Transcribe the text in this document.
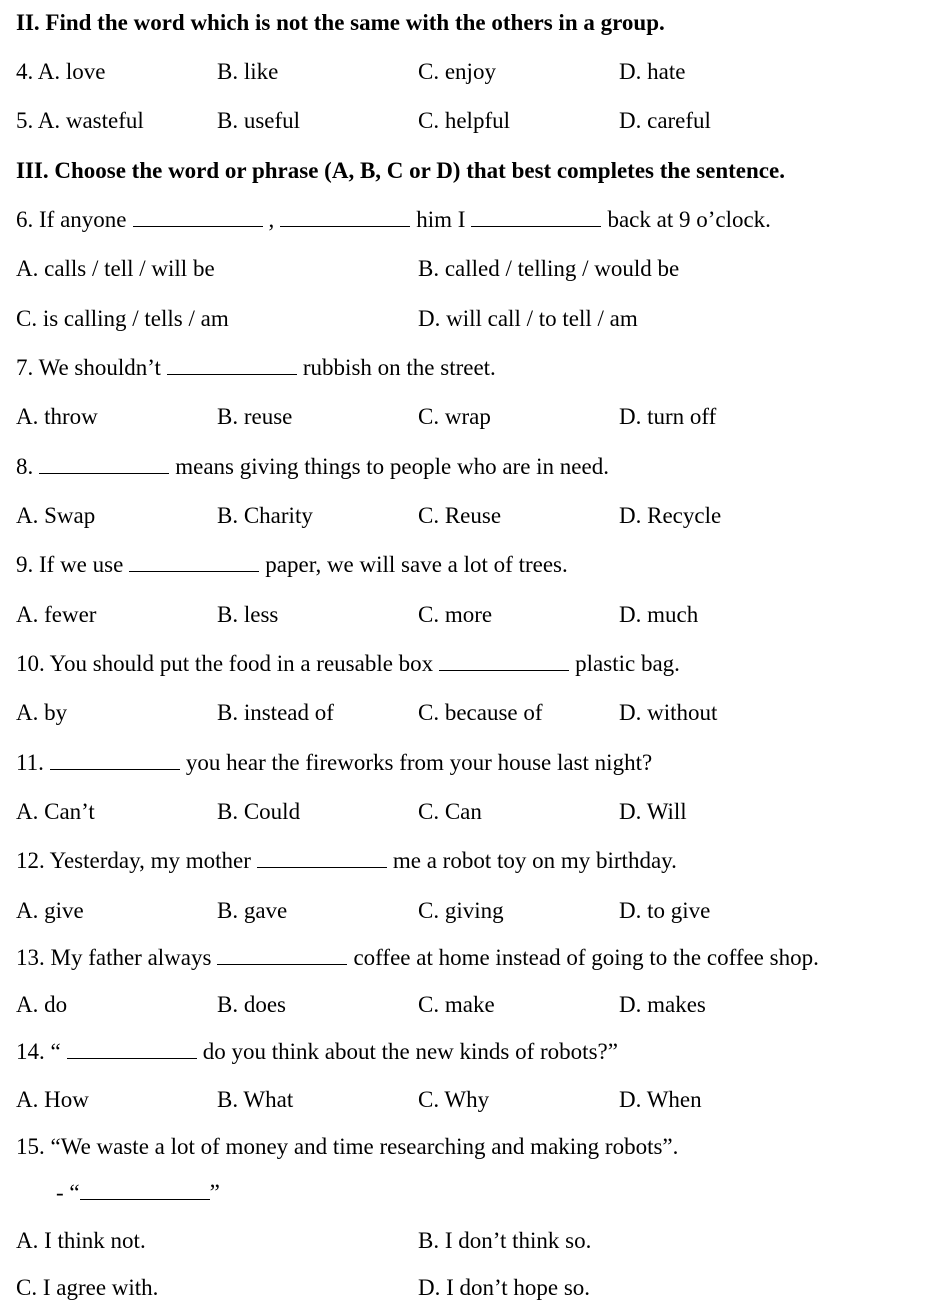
II. Find the word which is not the same with the others in a group.
4. A. love	B. like	C. enjoy	D. hate
5. A. wasteful	B. useful	C. helpful	D. careful
III. Choose the word or phrase (A, B, C or D) that best completes the sentence.
6. If anyone	,	him I	back at 9 o’clock.
A. calls / tell / will be	B. called / telling / would be
C. is calling / tells / am	D. will call / to tell / am
7. We shouldn’t	rubbish on the street.
A. throw	B. reuse	C. wrap	D. turn off
8.	means giving things to people who are in need.
A. Swap	B. Charity	C. Reuse	D. Recycle
9. If we use	paper, we will save a lot of trees.
A. fewer	B. less	C. more	D. much
10. You should put the food in a reusable box	plastic bag.
A. by	B. instead of	C. because of	D. without
11.	you hear the fireworks from your house last night?
A. Can’t	B. Could	C. Can	D. Will
12. Yesterday, my mother	me a robot toy on my birthday.
A. give	B. gave	C. giving	D. to give
13. My father always	coffee at home instead of going to the coffee shop.
A. do	B. does	C. make	D. makes
14. “	do you think about the new kinds of robots?”
A. How	B. What	C. Why	D. When
15. “We waste a lot of money and time researching and making robots”.
- “	”
A. I think not.	B. I don’t think so.
C. I agree with.	D. I don’t hope so.
